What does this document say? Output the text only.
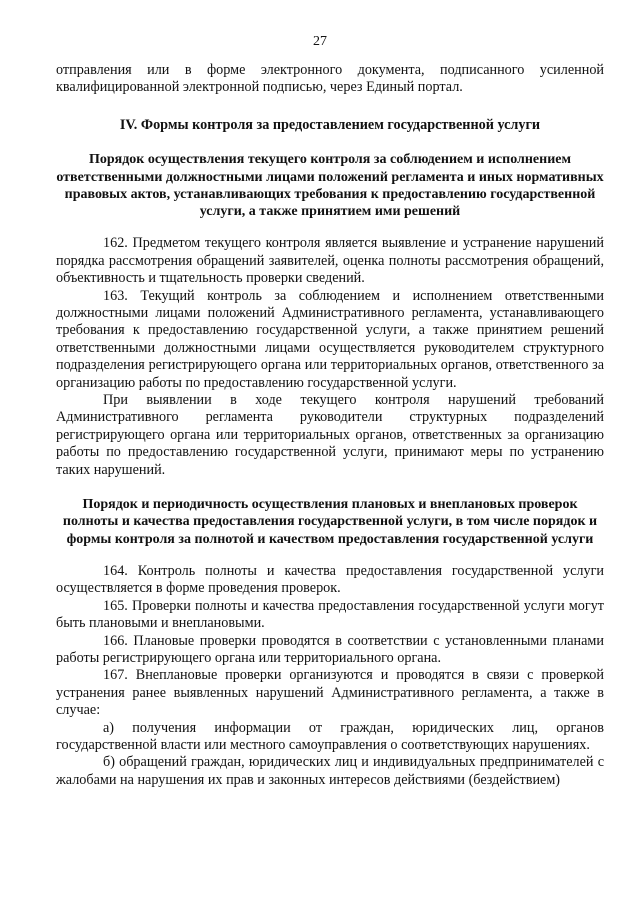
27

отправления или в форме электронного документа, подписанного усиленной квалифицированной электронной подписью, через Единый портал.

IV. Формы контроля за предоставлением государственной услуги
Порядок осуществления текущего контроля за соблюдением и исполнением ответственными должностными лицами положений регламента и иных нормативных правовых актов, устанавливающих требования к предоставлению государственной услуги, а также принятием ими решений

162. Предметом текущего контроля является выявление и устранение нарушений порядка рассмотрения обращений заявителей, оценка полноты рассмотрения обращений, объективность и тщательность проверки сведений.

163. Текущий контроль за соблюдением и исполнением ответственными должностными лицами положений Административного регламента, устанавливающего требования к предоставлению государственной услуги, а также принятием решений ответственными должностными лицами осуществляется руководителем структурного подразделения регистрирующего органа или территориальных органов, ответственного за организацию работы по предоставлению государственной услуги.

При выявлении в ходе текущего контроля нарушений требований Административного регламента руководители структурных подразделений регистрирующего органа или территориальных органов, ответственных за организацию работы по предоставлению государственной услуги, принимают меры по устранению таких нарушений.

Порядок и периодичность осуществления плановых и внеплановых проверок полноты и качества предоставления государственной услуги, в том числе порядок и формы контроля за полнотой и качеством предоставления государственной услуги

164. Контроль полноты и качества предоставления государственной услуги осуществляется в форме проведения проверок.

165. Проверки полноты и качества предоставления государственной услуги могут быть плановыми и внеплановыми.

166. Плановые проверки проводятся в соответствии с установленными планами работы регистрирующего органа или территориального органа.

167. Внеплановые проверки организуются и проводятся в связи с проверкой устранения ранее выявленных нарушений Административного регламента, а также в случае:

а) получения информации от граждан, юридических лиц, органов государственной власти или местного самоуправления о соответствующих нарушениях.

б) обращений граждан, юридических лиц и индивидуальных предпринимателей с жалобами на нарушения их прав и законных интересов действиями (бездействием)
